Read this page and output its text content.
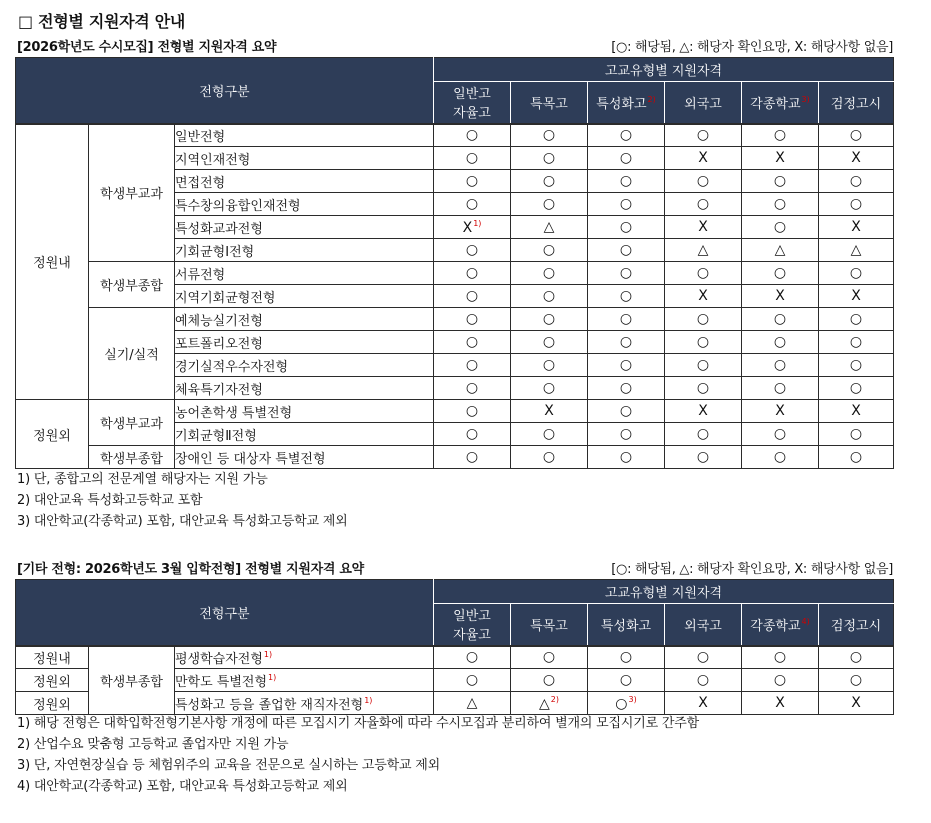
□ 전형별 지원자격 안내
[2026학년도 수시모집] 전형별 지원자격 요약	[○: 해당됨, △: 해당자 확인요망, X: 해당사항 없음]
전형구분			고교유형별 지원자격					
			일반고
자율고	특목고	특성화고$^{2)}$	외국고	각종학교$^{3)}$	검정고시
정원내	학생부교과	일반전형	○	○	○	○	○	○
		지역인재전형	○	○	○	X	X	X
		면접전형	○	○	○	○	○	○
		특수창의융합인재전형	○	○	○	○	○	○
		특성화교과전형	X$^{1)}$	△	○	X	○	X
		기회균형Ⅰ전형	○	○	○	△	△	△
	학생부종합	서류전형	○	○	○	○	○	○
		지역기회균형전형	○	○	○	X	X	X
	실기/실적	예체능실기전형	○	○	○	○	○	○
		포트폴리오전형	○	○	○	○	○	○
		경기실적우수자전형	○	○	○	○	○	○
		체육특기자전형	○	○	○	○	○	○
정원외	학생부교과	농어촌학생 특별전형	○	X	○	X	X	X
		기회균형Ⅱ전형	○	○	○	○	○	○
	학생부종합	장애인 등 대상자 특별전형	○	○	○	○	○	○
1) 단, 종합고의 전문계열 해당자는 지원 가능
2) 대안교육 특성화고등학교 포함
3) 대안학교(각종학교) 포함, 대안교육 특성화고등학교 제외
[기타 전형: 2026학년도 3월 입학전형] 전형별 지원자격 요약	[○: 해당됨, △: 해당자 확인요망, X: 해당사항 없음]
전형구분			고교유형별 지원자격					
			일반고
자율고	특목고	특성화고	외국고	각종학교$^{4)}$	검정고시
정원내	학생부종합	평생학습자전형$^{1)}$	○	○	○	○	○	○
정원외		만학도 특별전형$^{1)}$	○	○	○	○	○	○
정원외		특성화고 등을 졸업한 재직자전형$^{1)}$	△	△$^{2)}$	○$^{3)}$	X	X	X
1) 해당 전형은 대학입학전형기본사항 개정에 따른 모집시기 자율화에 따라 수시모집과 분리하여 별개의 모집시기로 간주함
2) 산업수요 맞춤형 고등학교 졸업자만 지원 가능
3) 단, 자연현장실습 등 체험위주의 교육을 전문으로 실시하는 고등학교 제외
4) 대안학교(각종학교) 포함, 대안교육 특성화고등학교 제외
